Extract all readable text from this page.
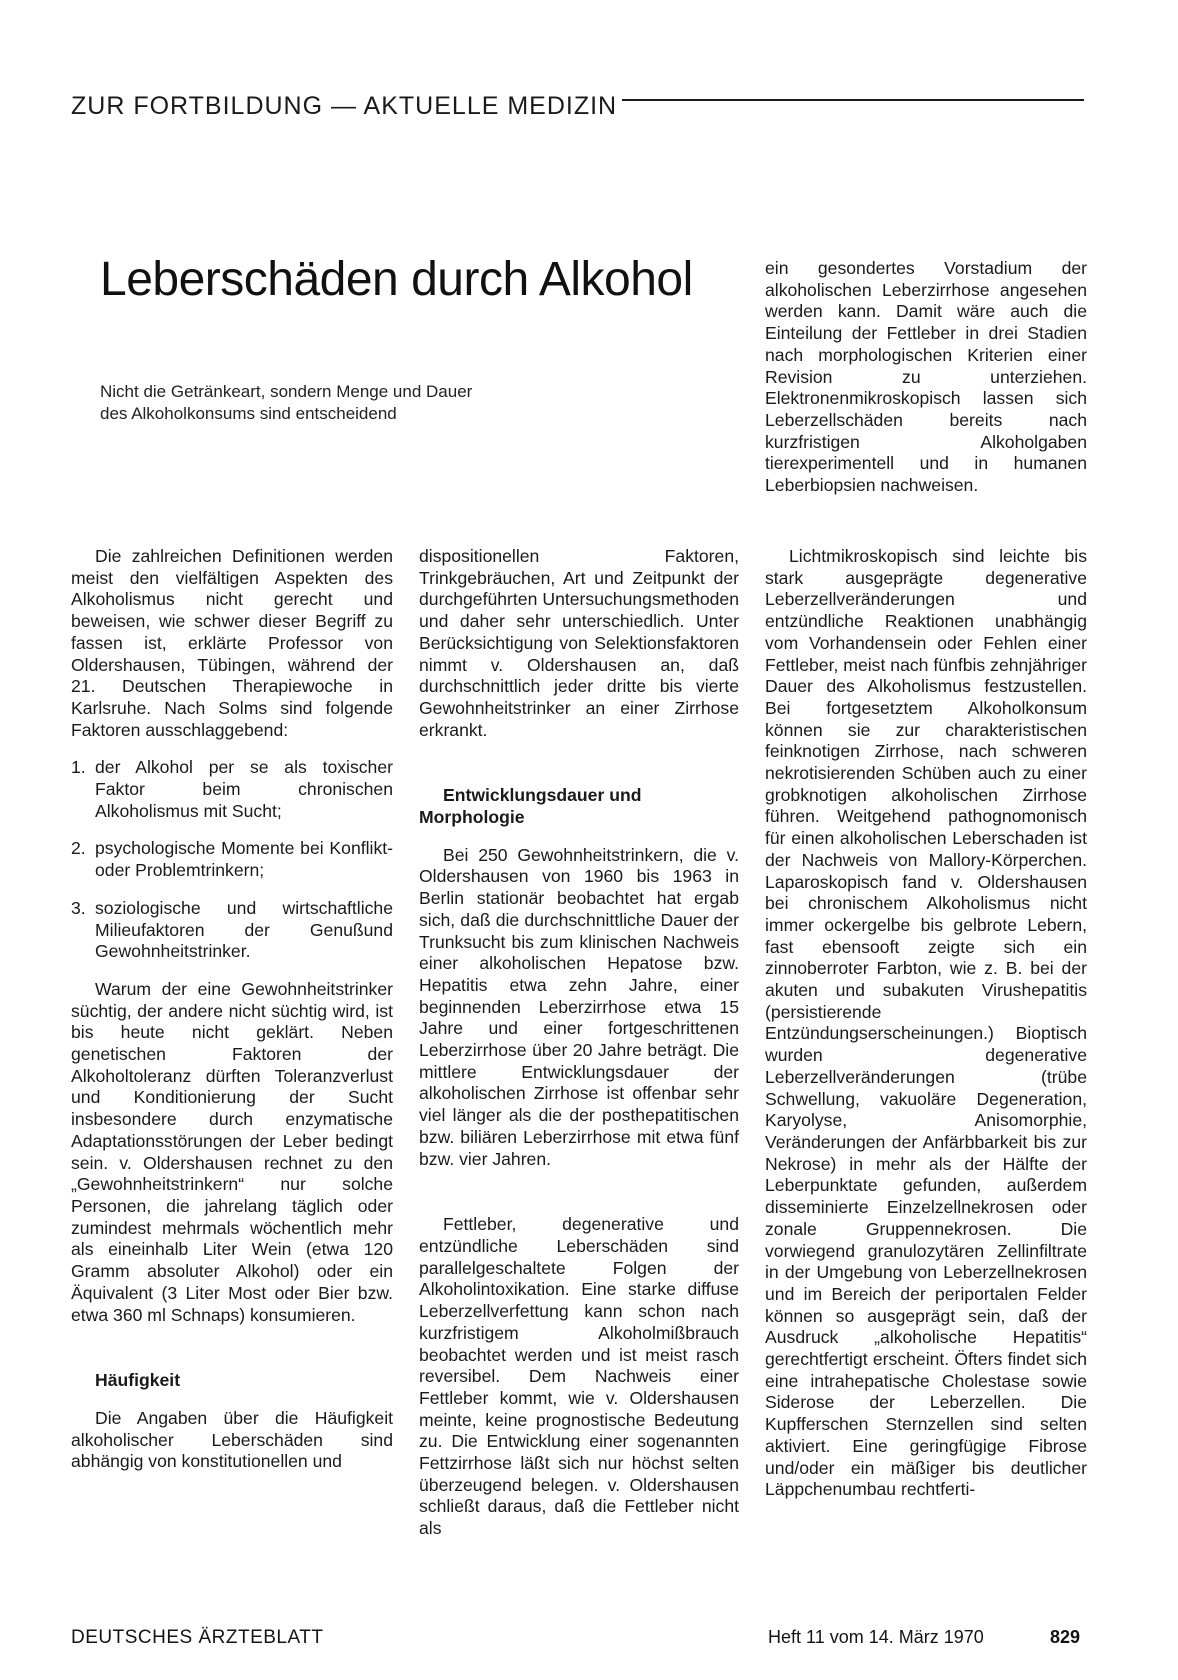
ZUR FORTBILDUNG — AKTUELLE MEDIZIN
Leberschäden durch Alkohol
Nicht die Getränkeart, sondern Menge und Dauer
des Alkoholkonsums sind entscheidend

ein gesondertes Vorstadium der alkoholischen Leberzirrhose angesehen werden kann. Damit wäre auch die Einteilung der Fettleber in drei Stadien nach morphologischen Kriterien einer Revision zu unterziehen. Elektronenmikroskopisch lassen sich Leberzellschäden bereits nach kurzfristigen Alkoholgaben tierexperimentell und in humanen Leberbiopsien nachweisen.

Die zahlreichen Definitionen werden meist den vielfältigen Aspekten des Alkoholismus nicht gerecht und beweisen, wie schwer dieser Begriff zu fassen ist, erklärte Professor von Oldershausen, Tübingen, während der 21. Deutschen Therapiewoche in Karlsruhe. Nach Solms sind folgende Faktoren ausschlaggebend:

1. der Alkohol per se als toxischer Faktor beim chronischen Alkoholismus mit Sucht;
2. psychologische Momente bei Konflikt- oder Problemtrinkern;
3. soziologische und wirtschaftliche Milieufaktoren der Genußund Gewohnheitstrinker.

Warum der eine Gewohnheitstrinker süchtig, der andere nicht süchtig wird, ist bis heute nicht geklärt. Neben genetischen Faktoren der Alkoholtoleranz dürften Toleranzverlust und Konditionierung der Sucht insbesondere durch enzymatische Adaptationsstörungen der Leber bedingt sein. v. Oldershausen rechnet zu den „Gewohnheitstrinkern“ nur solche Personen, die jahrelang täglich oder zumindest mehrmals wöchentlich mehr als eineinhalb Liter Wein (etwa 120 Gramm absoluter Alkohol) oder ein Äquivalent (3 Liter Most oder Bier bzw. etwa 360 ml Schnaps) konsumieren.

Häufigkeit

Die Angaben über die Häufigkeit alkoholischer Leberschäden sind abhängig von konstitutionellen und

dispositionellen Faktoren, Trinkgebräuchen, Art und Zeitpunkt der durchgeführten Untersuchungsmethoden und daher sehr unterschiedlich. Unter Berücksichtigung von Selektionsfaktoren nimmt v. Oldershausen an, daß durchschnittlich jeder dritte bis vierte Gewohnheitstrinker an einer Zirrhose erkrankt.

Entwicklungsdauer und
Morphologie

Bei 250 Gewohnheitstrinkern, die v. Oldershausen von 1960 bis 1963 in Berlin stationär beobachtet hat ergab sich, daß die durchschnittliche Dauer der Trunksucht bis zum klinischen Nachweis einer alkoholischen Hepatose bzw. Hepatitis etwa zehn Jahre, einer beginnenden Leberzirrhose etwa 15 Jahre und einer fortgeschrittenen Leberzirrhose über 20 Jahre beträgt. Die mittlere Entwicklungsdauer der alkoholischen Zirrhose ist offenbar sehr viel länger als die der posthepatitischen bzw. biliären Leberzirrhose mit etwa fünf bzw. vier Jahren.

Fettleber, degenerative und entzündliche Leberschäden sind parallelgeschaltete Folgen der Alkoholintoxikation. Eine starke diffuse Leberzellverfettung kann schon nach kurzfristigem Alkoholmißbrauch beobachtet werden und ist meist rasch reversibel. Dem Nachweis einer Fettleber kommt, wie v. Oldershausen meinte, keine prognostische Bedeutung zu. Die Entwicklung einer sogenannten Fettzirrhose läßt sich nur höchst selten überzeugend belegen. v. Oldershausen schließt daraus, daß die Fettleber nicht als

Lichtmikroskopisch sind leichte bis stark ausgeprägte degenerative Leberzellveränderungen und entzündliche Reaktionen unabhängig vom Vorhandensein oder Fehlen einer Fettleber, meist nach fünfbis zehnjähriger Dauer des Alkoholismus festzustellen. Bei fortgesetztem Alkoholkonsum können sie zur charakteristischen feinknotigen Zirrhose, nach schweren nekrotisierenden Schüben auch zu einer grobknotigen alkoholischen Zirrhose führen. Weitgehend pathognomonisch für einen alkoholischen Leberschaden ist der Nachweis von Mallory-Körperchen. Laparoskopisch fand v. Oldershausen bei chronischem Alkoholismus nicht immer ockergelbe bis gelbrote Lebern, fast ebensooft zeigte sich ein zinnoberroter Farbton, wie z. B. bei der akuten und subakuten Virushepatitis (persistierende Entzündungserscheinungen.) Bioptisch wurden degenerative Leberzellveränderungen (trübe Schwellung, vakuoläre Degeneration, Karyolyse, Anisomorphie, Veränderungen der Anfärbbarkeit bis zur Nekrose) in mehr als der Hälfte der Leberpunktate gefunden, außerdem disseminierte Einzelzellnekrosen oder zonale Gruppennekrosen. Die vorwiegend granulozytären Zellinfiltrate in der Umgebung von Leberzellnekrosen und im Bereich der periportalen Felder können so ausgeprägt sein, daß der Ausdruck „alkoholische Hepatitis“ gerechtfertigt erscheint. Öfters findet sich eine intrahepatische Cholestase sowie Siderose der Leberzellen. Die Kupfferschen Sternzellen sind selten aktiviert. Eine geringfügige Fibrose und/oder ein mäßiger bis deutlicher Läppchenumbau rechtferti-

DEUTSCHES ÄRZTEBLATT	Heft 11 vom 14. März 1970	829
